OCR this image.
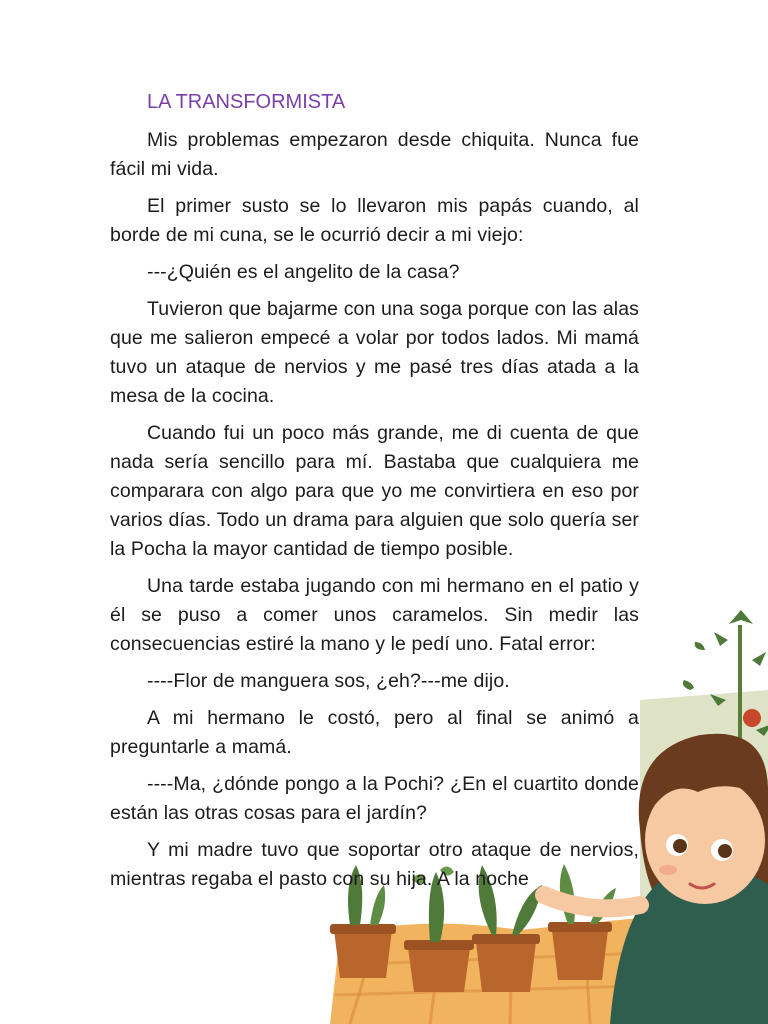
LA TRANSFORMISTA

Mis problemas empezaron desde chiquita. Nunca fue fácil mi vida.

El primer susto se lo llevaron mis papás cuando, al borde de mi cuna, se le ocurrió decir a mi viejo:

---¿Quién es el angelito de la casa?

Tuvieron que bajarme con una soga porque con las alas que me salieron empecé a volar por todos lados. Mi mamá tuvo un ataque de nervios y me pasé tres días atada a la mesa de la cocina.

Cuando fui un poco más grande, me di cuenta de que nada sería sencillo para mí. Bastaba que cualquiera me comparara con algo para que yo me convirtiera en eso por varios días. Todo un drama para alguien que solo quería ser la Pocha la mayor cantidad de tiempo posible.

Una tarde estaba jugando con mi hermano en el patio y él se puso a comer unos caramelos. Sin medir las consecuencias estiré la mano y le pedí uno. Fatal error:

----Flor de manguera sos, ¿eh?---me dijo.

A mi hermano le costó, pero al final se animó a preguntarle a mamá.

----Ma, ¿dónde pongo a la Pochi? ¿En el cuartito donde están las otras cosas para el jardín?

Y mi madre tuvo que soportar otro ataque de nervios, mientras regaba el pasto con su hija. A la noche
